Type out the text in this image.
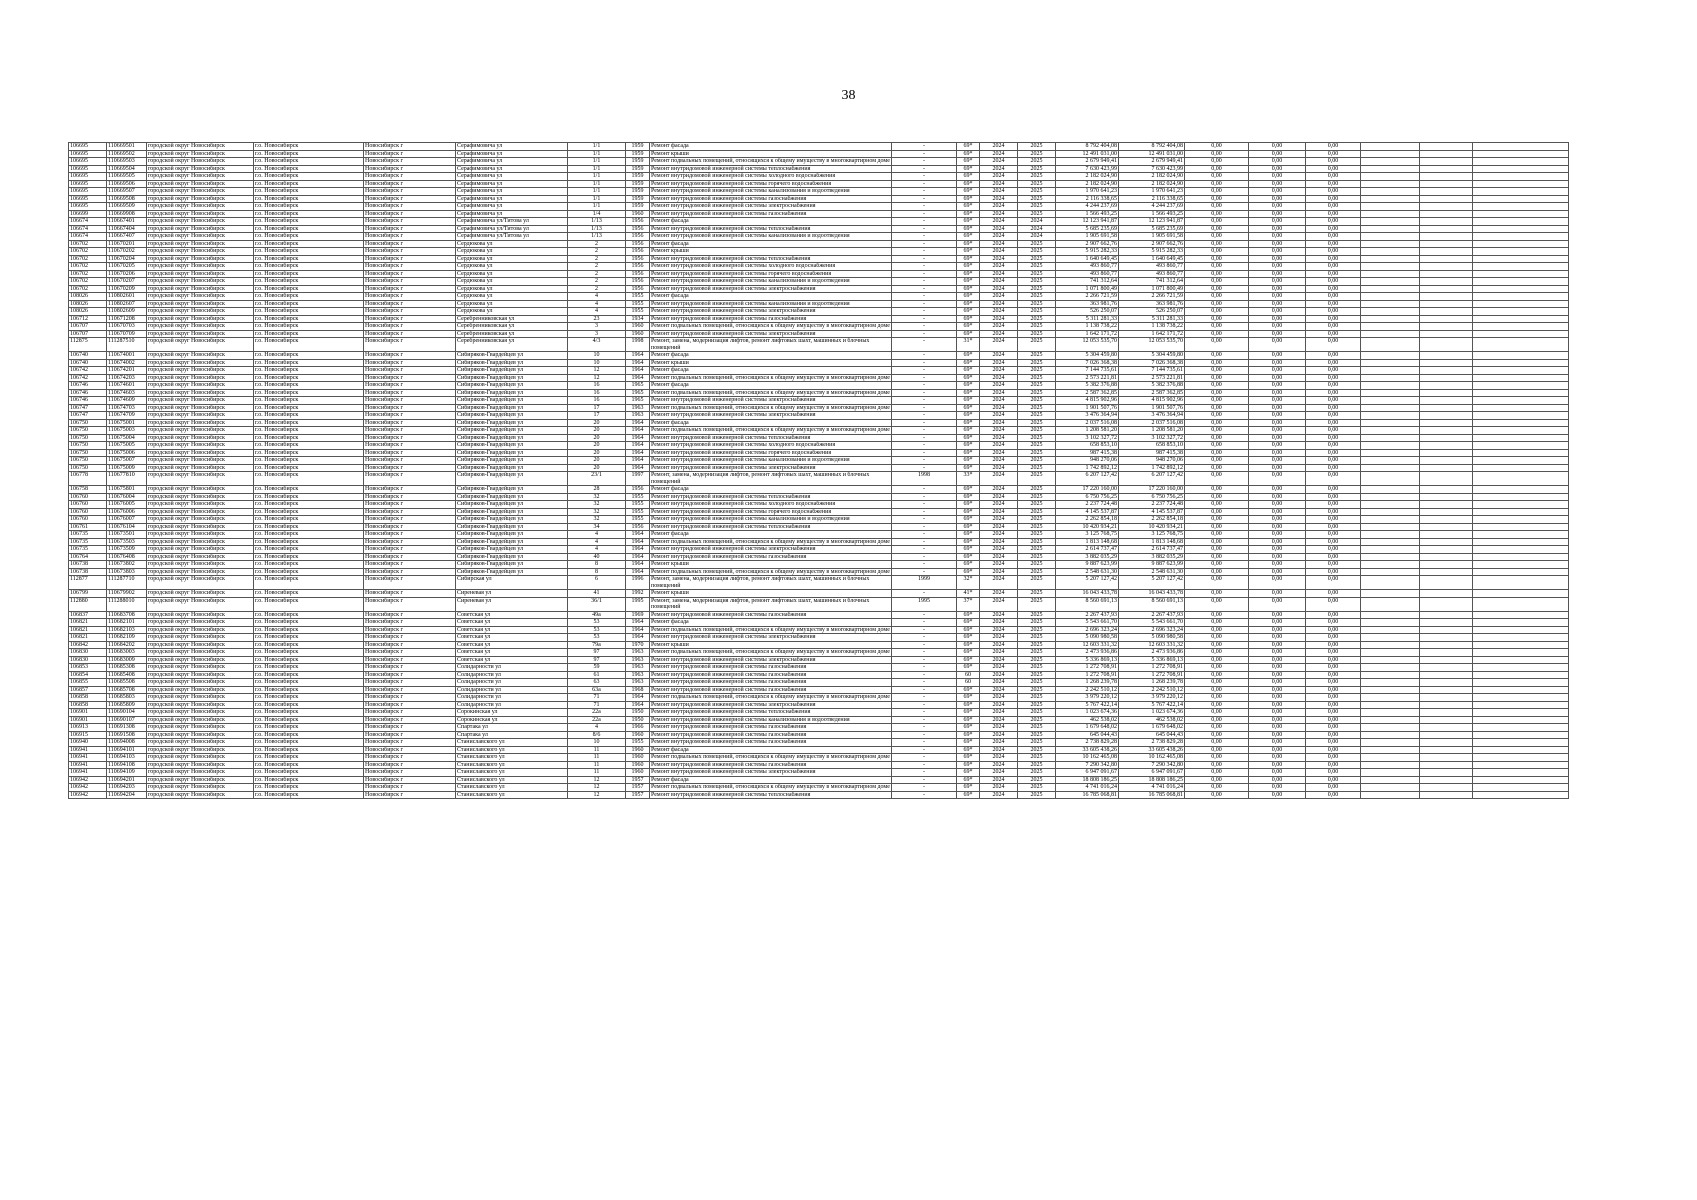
38
106695	110669501	городской округ Новосибирск	г.о. Новосибирск	Новосибирск г	Серафимовича ул	1/1	1959	Ремонт фасада	-	69*	2024	2025	8 792 404,08	8 792 404,08	0,00	0,00	0,00			
106695	110669502	городской округ Новосибирск	г.о. Новосибирск	Новосибирск г	Серафимовича ул	1/1	1959	Ремонт крыши	-	69*	2024	2025	12 491 031,00	12 491 031,00	0,00	0,00	0,00			
106695	110669503	городской округ Новосибирск	г.о. Новосибирск	Новосибирск г	Серафимовича ул	1/1	1959	Ремонт подвальных помещений, относящихся к общему имуществу в многоквартирном доме	-	69*	2024	2025	2 679 949,41	2 679 949,41	0,00	0,00	0,00			
106695	110669504	городской округ Новосибирск	г.о. Новосибирск	Новосибирск г	Серафимовича ул	1/1	1959	Ремонт внутридомовой инженерной системы теплоснабжения	-	69*	2024	2025	7 630 423,99	7 630 423,99	0,00	0,00	0,00			
106695	110669505	городской округ Новосибирск	г.о. Новосибирск	Новосибирск г	Серафимовича ул	1/1	1959	Ремонт внутридомовой инженерной системы холодного водоснабжения	-	69*	2024	2025	2 182 024,90	2 182 024,90	0,00	0,00	0,00			
106695	110669506	городской округ Новосибирск	г.о. Новосибирск	Новосибирск г	Серафимовича ул	1/1	1959	Ремонт внутридомовой инженерной системы горячего водоснабжения	-	69*	2024	2025	2 182 024,90	2 182 024,90	0,00	0,00	0,00			
106695	110669507	городской округ Новосибирск	г.о. Новосибирск	Новосибирск г	Серафимовича ул	1/1	1959	Ремонт внутридомовой инженерной системы канализования и водоотведения	-	69*	2024	2025	1 970 641,23	1 970 641,23	0,00	0,00	0,00			
106695	110669508	городской округ Новосибирск	г.о. Новосибирск	Новосибирск г	Серафимовича ул	1/1	1959	Ремонт внутридомовой инженерной системы газоснабжения	-	69*	2024	2025	2 116 338,65	2 116 338,65	0,00	0,00	0,00			
106695	110669509	городской округ Новосибирск	г.о. Новосибирск	Новосибирск г	Серафимовича ул	1/1	1959	Ремонт внутридомовой инженерной системы электроснабжения	-	69*	2024	2025	4 244 237,69	4 244 237,69	0,00	0,00	0,00			
106699	110669908	городской округ Новосибирск	г.о. Новосибирск	Новосибирск г	Серафимовича ул	1/4	1960	Ремонт внутридомовой инженерной системы газоснабжения	-	69*	2024	2025	1 566 493,25	1 566 493,25	0,00	0,00	0,00			
106674	110667401	городской округ Новосибирск	г.о. Новосибирск	Новосибирск г	Серафимовича ул/Титова ул	1/13	1956	Ремонт фасада	-	69*	2024	2024	12 123 941,87	12 123 941,87	0,00	0,00	0,00			
106674	110667404	городской округ Новосибирск	г.о. Новосибирск	Новосибирск г	Серафимовича ул/Титова ул	1/13	1956	Ремонт внутридомовой инженерной системы теплоснабжения	-	69*	2024	2024	5 685 235,69	5 685 235,69	0,00	0,00	0,00			
106674	110667407	городской округ Новосибирск	г.о. Новосибирск	Новосибирск г	Серафимовича ул/Титова ул	1/13	1956	Ремонт внутридомовой инженерной системы канализования и водоотведения	-	69*	2024	2024	1 905 691,58	1 905 691,58	0,00	0,00	0,00			
106702	110670201	городской округ Новосибирск	г.о. Новосибирск	Новосибирск г	Сердюкова ул	2	1956	Ремонт фасада	-	69*	2024	2025	2 907 662,76	2 907 662,76	0,00	0,00	0,00			
106702	110670202	городской округ Новосибирск	г.о. Новосибирск	Новосибирск г	Сердюкова ул	2	1956	Ремонт крыши	-	69*	2024	2025	5 915 282,33	5 915 282,33	0,00	0,00	0,00			
106702	110670204	городской округ Новосибирск	г.о. Новосибирск	Новосибирск г	Сердюкова ул	2	1956	Ремонт внутридомовой инженерной системы теплоснабжения	-	69*	2024	2025	1 640 649,45	1 640 649,45	0,00	0,00	0,00			
106702	110670205	городской округ Новосибирск	г.о. Новосибирск	Новосибирск г	Сердюкова ул	2	1956	Ремонт внутридомовой инженерной системы холодного водоснабжения	-	69*	2024	2025	493 860,77	493 860,77	0,00	0,00	0,00			
106702	110670206	городской округ Новосибирск	г.о. Новосибирск	Новосибирск г	Сердюкова ул	2	1956	Ремонт внутридомовой инженерной системы горячего водоснабжения	-	69*	2024	2025	493 860,77	493 860,77	0,00	0,00	0,00			
106702	110670207	городской округ Новосибирск	г.о. Новосибирск	Новосибирск г	Сердюкова ул	2	1956	Ремонт внутридомовой инженерной системы канализования и водоотведения	-	69*	2024	2025	741 312,64	741 312,64	0,00	0,00	0,00			
106702	110670209	городской округ Новосибирск	г.о. Новосибирск	Новосибирск г	Сердюкова ул	2	1956	Ремонт внутридомовой инженерной системы электроснабжения	-	69*	2024	2025	1 071 800,49	1 071 800,49	0,00	0,00	0,00			
108026	110802601	городской округ Новосибирск	г.о. Новосибирск	Новосибирск г	Сердюкова ул	4	1955	Ремонт фасада	-	69*	2024	2025	2 266 721,59	2 266 721,59	0,00	0,00	0,00			
108026	110802607	городской округ Новосибирск	г.о. Новосибирск	Новосибирск г	Сердюкова ул	4	1955	Ремонт внутридомовой инженерной системы канализования и водоотведения	-	69*	2024	2025	363 981,76	363 981,76	0,00	0,00	0,00			
108026	110802609	городской округ Новосибирск	г.о. Новосибирск	Новосибирск г	Сердюкова ул	4	1955	Ремонт внутридомовой инженерной системы электроснабжения	-	69*	2024	2025	526 250,07	526 250,07	0,00	0,00	0,00			
106712	110671208	городской округ Новосибирск	г.о. Новосибирск	Новосибирск г	Серебренниковская ул	23	1934	Ремонт внутридомовой инженерной системы газоснабжения	-	69*	2024	2025	5 311 281,33	5 311 281,33	0,00	0,00	0,00			
106707	110670703	городской округ Новосибирск	г.о. Новосибирск	Новосибирск г	Серебренниковская ул	3	1960	Ремонт подвальных помещений, относящихся к общему имуществу в многоквартирном доме	-	69*	2024	2025	1 138 738,22	1 138 738,22	0,00	0,00	0,00			
106707	110670709	городской округ Новосибирск	г.о. Новосибирск	Новосибирск г	Серебренниковская ул	3	1960	Ремонт внутридомовой инженерной системы электроснабжения	-	69*	2024	2025	1 642 171,72	1 642 171,72	0,00	0,00	0,00			
112875	111287510	городской округ Новосибирск	г.о. Новосибирск	Новосибирск г	Серебренниковская ул	4/3	1998	Ремонт, замена, модернизация лифтов, ремонт лифтовых шахт, машинных и блочных помещений	-	31*	2024	2025	12 053 535,70	12 053 535,70	0,00	0,00	0,00			
106740	110674001	городской округ Новосибирск	г.о. Новосибирск	Новосибирск г	Сибиряков-Гвардейцев ул	10	1964	Ремонт фасада	-	69*	2024	2025	5 304 459,80	5 304 459,80	0,00	0,00	0,00			
106740	110674002	городской округ Новосибирск	г.о. Новосибирск	Новосибирск г	Сибиряков-Гвардейцев ул	10	1964	Ремонт крыши	-	69*	2024	2025	7 026 368,38	7 026 368,38	0,00	0,00	0,00			
106742	110674201	городской округ Новосибирск	г.о. Новосибирск	Новосибирск г	Сибиряков-Гвардейцев ул	12	1964	Ремонт фасада	-	69*	2024	2025	7 144 735,61	7 144 735,61	0,00	0,00	0,00			
106742	110674203	городской округ Новосибирск	г.о. Новосибирск	Новосибирск г	Сибиряков-Гвардейцев ул	12	1964	Ремонт подвальных помещений, относящихся к общему имуществу в многоквартирном доме	-	69*	2024	2025	2 573 221,81	2 573 221,81	0,00	0,00	0,00			
106746	110674601	городской округ Новосибирск	г.о. Новосибирск	Новосибирск г	Сибиряков-Гвардейцев ул	16	1965	Ремонт фасада	-	69*	2024	2025	5 382 376,88	5 382 376,88	0,00	0,00	0,00			
106746	110674603	городской округ Новосибирск	г.о. Новосибирск	Новосибирск г	Сибиряков-Гвардейцев ул	16	1965	Ремонт подвальных помещений, относящихся к общему имуществу в многоквартирном доме	-	69*	2024	2025	2 587 362,85	2 587 362,85	0,00	0,00	0,00			
106746	110674609	городской округ Новосибирск	г.о. Новосибирск	Новосибирск г	Сибиряков-Гвардейцев ул	16	1965	Ремонт внутридомовой инженерной системы электроснабжения	-	69*	2024	2025	4 815 902,96	4 815 902,96	0,00	0,00	0,00			
106747	110674703	городской округ Новосибирск	г.о. Новосибирск	Новосибирск г	Сибиряков-Гвардейцев ул	17	1963	Ремонт подвальных помещений, относящихся к общему имуществу в многоквартирном доме	-	69*	2024	2025	1 901 507,76	1 901 507,76	0,00	0,00	0,00			
106747	110674709	городской округ Новосибирск	г.о. Новосибирск	Новосибирск г	Сибиряков-Гвардейцев ул	17	1963	Ремонт внутридомовой инженерной системы электроснабжения	-	69*	2024	2025	3 476 364,94	3 476 364,94	0,00	0,00	0,00			
106750	110675001	городской округ Новосибирск	г.о. Новосибирск	Новосибирск г	Сибиряков-Гвардейцев ул	20	1964	Ремонт фасада	-	69*	2024	2025	2 037 516,08	2 037 516,08	0,00	0,00	0,00			
106750	110675003	городской округ Новосибирск	г.о. Новосибирск	Новосибирск г	Сибиряков-Гвардейцев ул	20	1964	Ремонт подвальных помещений, относящихся к общему имуществу в многоквартирном доме	-	69*	2024	2025	1 208 581,20	1 208 581,20	0,00	0,00	0,00			
106750	110675004	городской округ Новосибирск	г.о. Новосибирск	Новосибирск г	Сибиряков-Гвардейцев ул	20	1964	Ремонт внутридомовой инженерной системы теплоснабжения	-	69*	2024	2025	3 102 327,72	3 102 327,72	0,00	0,00	0,00			
106750	110675005	городской округ Новосибирск	г.о. Новосибирск	Новосибирск г	Сибиряков-Гвардейцев ул	20	1964	Ремонт внутридомовой инженерной системы холодного водоснабжения	-	69*	2024	2025	658 853,10	658 853,10	0,00	0,00	0,00			
106750	110675006	городской округ Новосибирск	г.о. Новосибирск	Новосибирск г	Сибиряков-Гвардейцев ул	20	1964	Ремонт внутридомовой инженерной системы горячего водоснабжения	-	69*	2024	2025	987 415,38	987 415,38	0,00	0,00	0,00			
106750	110675007	городской округ Новосибирск	г.о. Новосибирск	Новосибирск г	Сибиряков-Гвардейцев ул	20	1964	Ремонт внутридомовой инженерной системы канализования и водоотведения	-	69*	2024	2025	948 270,06	948 270,06	0,00	0,00	0,00			
106750	110675009	городской округ Новосибирск	г.о. Новосибирск	Новосибирск г	Сибиряков-Гвардейцев ул	20	1964	Ремонт внутридомовой инженерной системы электроснабжения	-	69*	2024	2025	1 742 892,12	1 742 892,12	0,00	0,00	0,00			
106778	110677810	городской округ Новосибирск	г.о. Новосибирск	Новосибирск г	Сибиряков-Гвардейцев ул	23/1	1997	Ремонт, замена, модернизация лифтов, ремонт лифтовых шахт, машинных и блочных помещений	1998	33*	2024	2025	6 207 127,42	6 207 127,42	0,00	0,00	0,00			
106758	110675801	городской округ Новосибирск	г.о. Новосибирск	Новосибирск г	Сибиряков-Гвардейцев ул	28	1956	Ремонт фасада	-	69*	2024	2025	17 220 160,00	17 220 160,00	0,00	0,00	0,00			
106760	110676004	городской округ Новосибирск	г.о. Новосибирск	Новосибирск г	Сибиряков-Гвардейцев ул	32	1955	Ремонт внутридомовой инженерной системы теплоснабжения	-	69*	2024	2025	6 750 756,25	6 750 756,25	0,00	0,00	0,00			
106760	110676005	городской округ Новосибирск	г.о. Новосибирск	Новосибирск г	Сибиряков-Гвардейцев ул	32	1955	Ремонт внутридомовой инженерной системы холодного водоснабжения	-	69*	2024	2025	2 237 724,48	2 237 724,48	0,00	0,00	0,00			
106760	110676006	городской округ Новосибирск	г.о. Новосибирск	Новосибирск г	Сибиряков-Гвардейцев ул	32	1955	Ремонт внутридомовой инженерной системы горячего водоснабжения	-	69*	2024	2025	4 145 537,87	4 145 537,87	0,00	0,00	0,00			
106760	110676007	городской округ Новосибирск	г.о. Новосибирск	Новосибирск г	Сибиряков-Гвардейцев ул	32	1955	Ремонт внутридомовой инженерной системы канализования и водоотведения	-	69*	2024	2025	2 262 854,18	2 262 854,18	0,00	0,00	0,00			
106761	110676104	городской округ Новосибирск	г.о. Новосибирск	Новосибирск г	Сибиряков-Гвардейцев ул	34	1956	Ремонт внутридомовой инженерной системы теплоснабжения	-	69*	2024	2025	10 420 934,21	10 420 934,21	0,00	0,00	0,00			
106735	110673501	городской округ Новосибирск	г.о. Новосибирск	Новосибирск г	Сибиряков-Гвардейцев ул	4	1964	Ремонт фасада	-	69*	2024	2025	3 125 768,75	3 125 768,75	0,00	0,00	0,00			
106735	110673503	городской округ Новосибирск	г.о. Новосибирск	Новосибирск г	Сибиряков-Гвардейцев ул	4	1964	Ремонт подвальных помещений, относящихся к общему имуществу в многоквартирном доме	-	69*	2024	2025	1 813 148,68	1 813 148,68	0,00	0,00	0,00			
106735	110673509	городской округ Новосибирск	г.о. Новосибирск	Новосибирск г	Сибиряков-Гвардейцев ул	4	1964	Ремонт внутридомовой инженерной системы электроснабжения	-	69*	2024	2025	2 614 737,47	2 614 737,47	0,00	0,00	0,00			
106764	110676408	городской округ Новосибирск	г.о. Новосибирск	Новосибирск г	Сибиряков-Гвардейцев ул	40	1964	Ремонт внутридомовой инженерной системы газоснабжения	-	69*	2024	2025	3 882 035,29	3 882 035,29	0,00	0,00	0,00			
106738	110673802	городской округ Новосибирск	г.о. Новосибирск	Новосибирск г	Сибиряков-Гвардейцев ул	8	1964	Ремонт крыши	-	69*	2024	2025	9 887 623,99	9 887 623,99	0,00	0,00	0,00			
106738	110673803	городской округ Новосибирск	г.о. Новосибирск	Новосибирск г	Сибиряков-Гвардейцев ул	8	1964	Ремонт подвальных помещений, относящихся к общему имуществу в многоквартирном доме	-	69*	2024	2025	2 548 631,30	2 548 631,30	0,00	0,00	0,00			
112877	111287710	городской округ Новосибирск	г.о. Новосибирск	Новосибирск г	Сибирская ул	6	1996	Ремонт, замена, модернизация лифтов, ремонт лифтовых шахт, машинных и блочных помещений	1999	32*	2024	2025	5 207 127,42	5 207 127,42	0,00	0,00	0,00			
106799	110679902	городской округ Новосибирск	г.о. Новосибирск	Новосибирск г	Сиреневая ул	41	1992	Ремонт крыши	-	41*	2024	2025	16 043 433,78	16 043 433,78	0,00	0,00	0,00			
112880	111288010	городской округ Новосибирск	г.о. Новосибирск	Новосибирск г	Сиреневая ул	36/1	1995	Ремонт, замена, модернизация лифтов, ремонт лифтовых шахт, машинных и блочных помещений	1995	37*	2024	2025	8 560 691,13	8 560 691,13	0,00	0,00	0,00			
106837	110683708	городской округ Новосибирск	г.о. Новосибирск	Новосибирск г	Советская ул	49а	1969	Ремонт внутридомовой инженерной системы газоснабжения	-	69*	2024	2025	2 267 437,93	2 267 437,93	0,00	0,00	0,00			
106821	110682101	городской округ Новосибирск	г.о. Новосибирск	Новосибирск г	Советская ул	53	1964	Ремонт фасада	-	69*	2024	2025	5 543 661,70	5 543 661,70	0,00	0,00	0,00			
106821	110682103	городской округ Новосибирск	г.о. Новосибирск	Новосибирск г	Советская ул	53	1964	Ремонт подвальных помещений, относящихся к общему имуществу в многоквартирном доме	-	69*	2024	2025	2 696 323,24	2 696 323,24	0,00	0,00	0,00			
106821	110682109	городской округ Новосибирск	г.о. Новосибирск	Новосибирск г	Советская ул	53	1964	Ремонт внутридомовой инженерной системы электроснабжения	-	69*	2024	2025	5 090 980,58	5 090 980,58	0,00	0,00	0,00			
106842	110684202	городской округ Новосибирск	г.о. Новосибирск	Новосибирск г	Советская ул	79а	1970	Ремонт крыши	-	69*	2024	2025	12 603 331,32	12 603 331,32	0,00	0,00	0,00			
106830	110683003	городской округ Новосибирск	г.о. Новосибирск	Новосибирск г	Советская ул	97	1963	Ремонт подвальных помещений, относящихся к общему имуществу в многоквартирном доме	-	69*	2024	2025	2 473 936,86	2 473 936,86	0,00	0,00	0,00			
106830	110683009	городской округ Новосибирск	г.о. Новосибирск	Новосибирск г	Советская ул	97	1963	Ремонт внутридомовой инженерной системы электроснабжения	-	69*	2024	2025	5 336 869,13	5 336 869,13	0,00	0,00	0,00			
106853	110685308	городской округ Новосибирск	г.о. Новосибирск	Новосибирск г	Солидарности ул	59	1963	Ремонт внутридомовой инженерной системы газоснабжения	-	69*	2024	2025	1 272 708,91	1 272 708,91	0,00	0,00	0,00			
106854	110685408	городской округ Новосибирск	г.о. Новосибирск	Новосибирск г	Солидарности ул	61	1963	Ремонт внутридомовой инженерной системы газоснабжения	-	60	2024	2025	1 272 708,91	1 272 708,91	0,00	0,00	0,00			
106855	110685508	городской округ Новосибирск	г.о. Новосибирск	Новосибирск г	Солидарности ул	63	1963	Ремонт внутридомовой инженерной системы газоснабжения	-	60	2024	2025	1 268 239,78	1 268 239,78	0,00	0,00	0,00			
106857	110685708	городской округ Новосибирск	г.о. Новосибирск	Новосибирск г	Солидарности ул	63а	1968	Ремонт внутридомовой инженерной системы газоснабжения	-	69*	2024	2025	2 242 510,12	2 242 510,12	0,00	0,00	0,00			
106858	110685803	городской округ Новосибирск	г.о. Новосибирск	Новосибирск г	Солидарности ул	71	1964	Ремонт подвальных помещений, относящихся к общему имуществу в многоквартирном доме	-	69*	2024	2025	3 979 220,12	3 979 220,12	0,00	0,00	0,00			
106858	110685809	городской округ Новосибирск	г.о. Новосибирск	Новосибирск г	Солидарности ул	71	1964	Ремонт внутридомовой инженерной системы электроснабжения	-	69*	2024	2025	5 767 422,14	5 767 422,14	0,00	0,00	0,00			
106901	110690104	городской округ Новосибирск	г.о. Новосибирск	Новосибирск г	Сорокинская ул	22а	1950	Ремонт внутридомовой инженерной системы теплоснабжения	-	69*	2024	2025	1 023 674,36	1 023 674,36	0,00	0,00	0,00			
106901	110690107	городской округ Новосибирск	г.о. Новосибирск	Новосибирск г	Сорокинская ул	22а	1950	Ремонт внутридомовой инженерной системы канализования и водоотведения	-	69*	2024	2025	462 538,02	462 538,02	0,00	0,00	0,00			
106913	110691308	городской округ Новосибирск	г.о. Новосибирск	Новосибирск г	Спартака ул	4	1966	Ремонт внутридомовой инженерной системы газоснабжения	-	69*	2024	2025	1 679 648,02	1 679 648,02	0,00	0,00	0,00			
106915	110691508	городской округ Новосибирск	г.о. Новосибирск	Новосибирск г	Спартака ул	8/6	1960	Ремонт внутридомовой инженерной системы газоснабжения	-	69*	2024	2025	645 044,43	645 044,43	0,00	0,00	0,00			
106940	110694008	городской округ Новосибирск	г.о. Новосибирск	Новосибирск г	Станиславского ул	10	1955	Ремонт внутридомовой инженерной системы газоснабжения	-	69*	2024	2025	2 738 829,28	2 738 829,28	0,00	0,00	0,00			
106941	110694101	городской округ Новосибирск	г.о. Новосибирск	Новосибирск г	Станиславского ул	11	1960	Ремонт фасада	-	69*	2024	2025	33 605 438,26	33 605 438,26	0,00	0,00	0,00			
106941	110694103	городской округ Новосибирск	г.о. Новосибирск	Новосибирск г	Станиславского ул	11	1960	Ремонт подвальных помещений, относящихся к общему имуществу в многоквартирном доме	-	69*	2024	2025	10 162 465,08	10 162 465,08	0,00	0,00	0,00			
106941	110694108	городской округ Новосибирск	г.о. Новосибирск	Новосибирск г	Станиславского ул	11	1960	Ремонт внутридомовой инженерной системы газоснабжения	-	69*	2024	2025	7 290 342,80	7 290 342,80	0,00	0,00	0,00			
106941	110694109	городской округ Новосибирск	г.о. Новосибирск	Новосибирск г	Станиславского ул	11	1960	Ремонт внутридомовой инженерной системы электроснабжения	-	69*	2024	2025	6 947 091,67	6 947 091,67	0,00	0,00	0,00			
106942	110694201	городской округ Новосибирск	г.о. Новосибирск	Новосибирск г	Станиславского ул	12	1957	Ремонт фасада	-	69*	2024	2025	18 808 186,25	18 808 186,25	0,00	0,00	0,00			
106942	110694203	городской округ Новосибирск	г.о. Новосибирск	Новосибирск г	Станиславского ул	12	1957	Ремонт подвальных помещений, относящихся к общему имуществу в многоквартирном доме	-	69*	2024	2025	4 741 016,24	4 741 016,24	0,00	0,00	0,00			
106942	110694204	городской округ Новосибирск	г.о. Новосибирск	Новосибирск г	Станиславского ул	12	1957	Ремонт внутридомовой инженерной системы теплоснабжения	-	69*	2024	2025	16 785 068,81	16 785 068,81	0,00	0,00	0,00			
